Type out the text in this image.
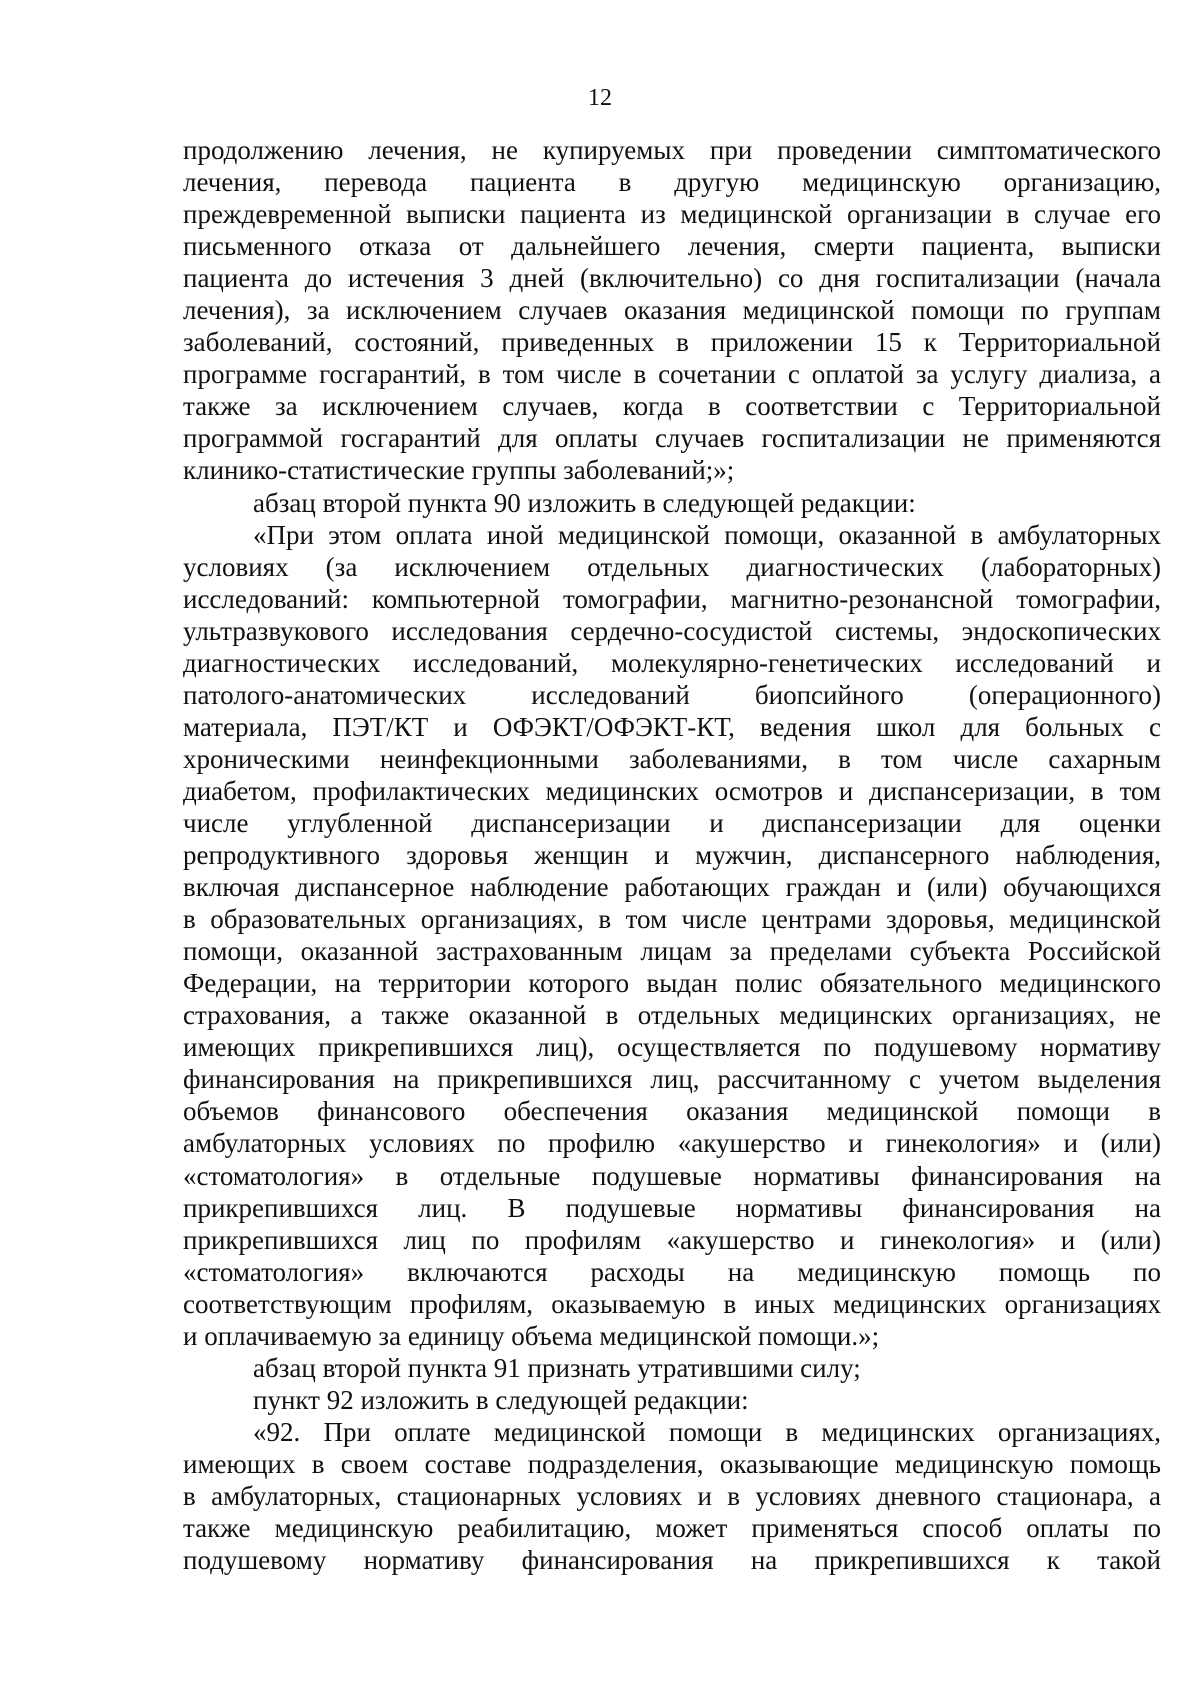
12
продолжению лечения, не купируемых при проведении симптоматического
лечения, перевода пациента в другую медицинскую организацию,
преждевременной выписки пациента из медицинской организации в случае его
письменного отказа от дальнейшего лечения, смерти пациента, выписки
пациента до истечения 3 дней (включительно) со дня госпитализации (начала
лечения), за исключением случаев оказания медицинской помощи по группам
заболеваний, состояний, приведенных в приложении 15 к Территориальной
программе госгарантий, в том числе в сочетании с оплатой за услугу диализа, а
также за исключением случаев, когда в соответствии с Территориальной
программой госгарантий для оплаты случаев госпитализации не применяются
клинико-статистические группы заболеваний;»;
абзац второй пункта 90 изложить в следующей редакции:
«При этом оплата иной медицинской помощи, оказанной в амбулаторных
условиях (за исключением отдельных диагностических (лабораторных)
исследований: компьютерной томографии, магнитно-резонансной томографии,
ультразвукового исследования сердечно-сосудистой системы, эндоскопических
диагностических исследований, молекулярно-генетических исследований и
патолого-анатомических исследований биопсийного (операционного)
материала, ПЭТ/КТ и ОФЭКТ/ОФЭКТ-КТ, ведения школ для больных с
хроническими неинфекционными заболеваниями, в том числе сахарным
диабетом, профилактических медицинских осмотров и диспансеризации, в том
числе углубленной диспансеризации и диспансеризации для оценки
репродуктивного здоровья женщин и мужчин, диспансерного наблюдения,
включая диспансерное наблюдение работающих граждан и (или) обучающихся
в образовательных организациях, в том числе центрами здоровья, медицинской
помощи, оказанной застрахованным лицам за пределами субъекта Российской
Федерации, на территории которого выдан полис обязательного медицинского
страхования, а также оказанной в отдельных медицинских организациях, не
имеющих прикрепившихся лиц), осуществляется по подушевому нормативу
финансирования на прикрепившихся лиц, рассчитанному с учетом выделения
объемов финансового обеспечения оказания медицинской помощи в
амбулаторных условиях по профилю «акушерство и гинекология» и (или)
«стоматология» в отдельные подушевые нормативы финансирования на
прикрепившихся лиц. В подушевые нормативы финансирования на
прикрепившихся лиц по профилям «акушерство и гинекология» и (или)
«стоматология» включаются расходы на медицинскую помощь по
соответствующим профилям, оказываемую в иных медицинских организациях
и оплачиваемую за единицу объема медицинской помощи.»;
абзац второй пункта 91 признать утратившими силу;
пункт 92 изложить в следующей редакции:
«92. При оплате медицинской помощи в медицинских организациях,
имеющих в своем составе подразделения, оказывающие медицинскую помощь
в амбулаторных, стационарных условиях и в условиях дневного стационара, а
также медицинскую реабилитацию, может применяться способ оплаты по
подушевому нормативу финансирования на прикрепившихся к такой
